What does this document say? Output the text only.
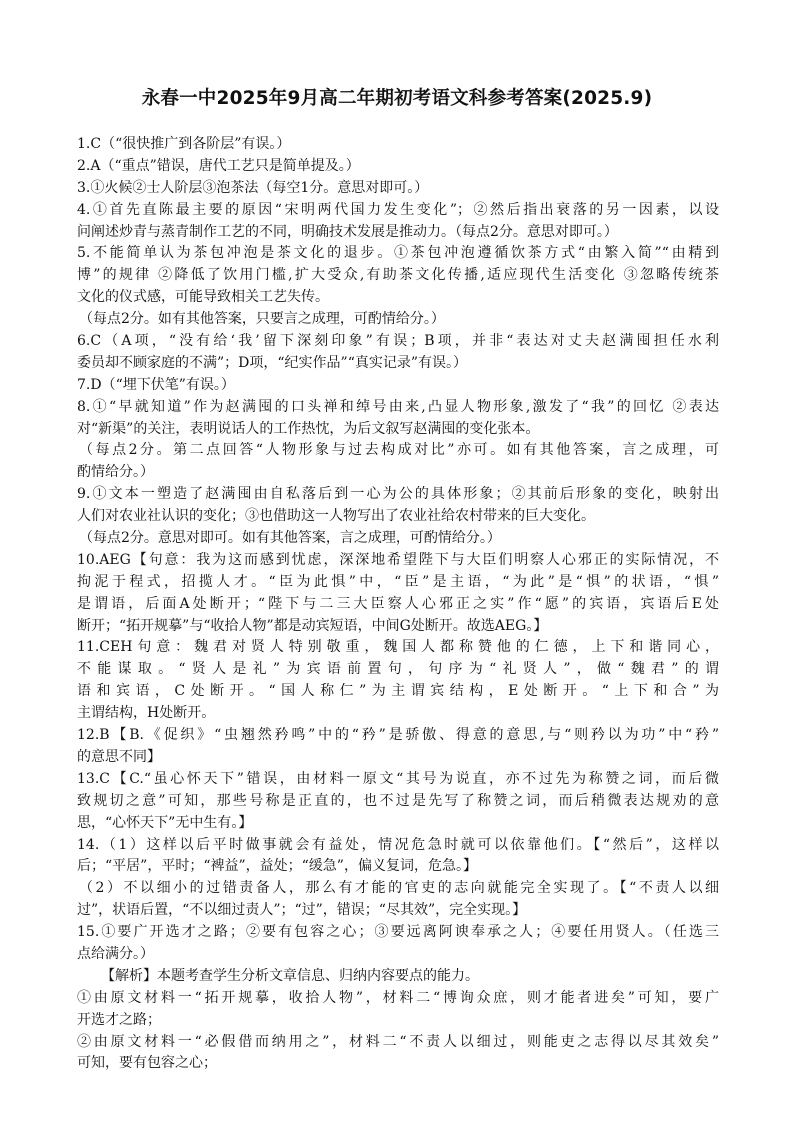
永春一中2025年9月高二年期初考语文科参考答案(2025.9)
1.C（“很快推广到各阶层”有误。）
2.A（“重点”错误，唐代工艺只是简单提及。）
3.①火候②士人阶层③泡茶法（每空1分。意思对即可。）
4.①首先直陈最主要的原因“宋明两代国力发生变化”；②然后指出衰落的另一因素，以设
问阐述炒青与蒸青制作工艺的不同，明确技术发展是推动力。（每点2分。意思对即可。）
5.不能简单认为茶包冲泡是茶文化的退步。①茶包冲泡遵循饮茶方式“由繁入简”“由精到
博”的规律 ②降低了饮用门槛,扩大受众,有助茶文化传播,适应现代生活变化 ③忽略传统茶
文化的仪式感，可能导致相关工艺失传。
（每点2分。如有其他答案，只要言之成理，可酌情给分。）
6.C（A项，“没有给‘我’留下深刻印象”有误；B项，并非“表达对丈夫赵满囤担任水利
委员却不顾家庭的不满”；D项，“纪实作品”“真实记录”有误。）
7.D（“埋下伏笔”有误。）
8.①“早就知道”作为赵满囤的口头禅和绰号由来,凸显人物形象,激发了“我”的回忆 ②表达
对“新渠”的关注，表明说话人的工作热忱，为后文叙写赵满囤的变化张本。
（每点2分。第二点回答“人物形象与过去构成对比”亦可。如有其他答案，言之成理，可
酌情给分。）
9.①文本一塑造了赵满囤由自私落后到一心为公的具体形象；②其前后形象的变化，映射出
人们对农业社认识的变化；③也借助这一人物写出了农业社给农村带来的巨大变化。
（每点2分。意思对即可。如有其他答案，言之成理，可酌情给分。）
10.AEG【句意：我为这而感到忧虑，深深地希望陛下与大臣们明察人心邪正的实际情况，不
拘泥于程式，招揽人才。“臣为此惧”中，“臣”是主语，“为此”是“惧”的状语，“惧”
是谓语，后面A处断开；“陛下与二三大臣察人心邪正之实”作“愿”的宾语，宾语后E处
断开；“拓开规摹”与“收拾人物”都是动宾短语，中间G处断开。故选AEG。】
11.CEH句意：魏君对贤人特别敬重，魏国人都称赞他的仁德，上下和谐同心，
不能谋取。“贤人是礼”为宾语前置句，句序为“礼贤人”，做“魏君”的谓
语和宾语，C处断开。“国人称仁”为主谓宾结构，E处断开。“上下和合”为
主谓结构，H处断开。
12.B【B.《促织》“虫翘然矜鸣”中的“矜”是骄傲、得意的意思,与“则矜以为功”中“矜”
的意思不同】
13.C【C.“虽心怀天下”错误，由材料一原文“其号为说直，亦不过先为称赞之词，而后微
致规切之意”可知，那些号称是正直的，也不过是先写了称赞之词，而后稍微表达规劝的意
思，“心怀天下”无中生有。】
14.（1）这样以后平时做事就会有益处，情况危急时就可以依靠他们。【“然后”，这样以
后；“平居”，平时；“裨益”，益处；“缓急”，偏义复词，危急。】
（2）不以细小的过错责备人，那么有才能的官吏的志向就能完全实现了。【“不责人以细
过”，状语后置，“不以细过责人”；“过”，错误；“尽其效”，完全实现。】
15.①要广开选才之路；②要有包容之心；③要远离阿谀奉承之人；④要任用贤人。（任选三
点给满分。）
【解析】本题考查学生分析文章信息、归纳内容要点的能力。
①由原文材料一“拓开规摹，收拾人物”，材料二“博询众庶，则才能者进矣”可知，要广
开选才之路；
②由原文材料一“必假借而纳用之”，材料二“不责人以细过，则能吏之志得以尽其效矣”
可知，要有包容之心；
